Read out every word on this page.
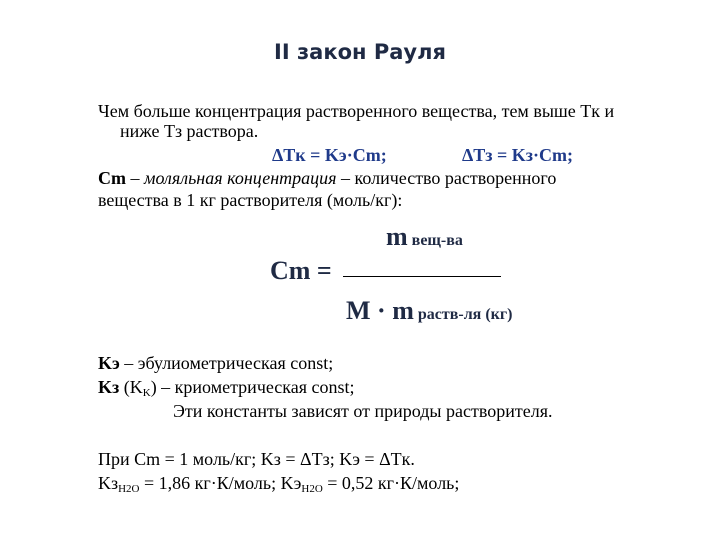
II закон Рауля
Чем больше концентрация растворенного вещества, тем выше Tк и
ниже Tз раствора.
ΔTк = Kэ·Cm;	ΔTз = Kз·Cm;
Cm – моляльная концентрация – количество растворенного
вещества в 1 кг растворителя (моль/кг):
m вещ-ва
Cm =
M · m раств-ля (кг)
Kэ – эбулиометрическая const;
Kз $(K_K)$ – криометрическая const;
Эти константы зависят от природы растворителя.
При Cm = 1 моль/кг; Kз = ΔTз; Kэ = ΔTк.
$Kз_{H2O} = 1,86$ кг·К/моль; $Kэ_{H2O} = 0,52$ кг·К/моль;
